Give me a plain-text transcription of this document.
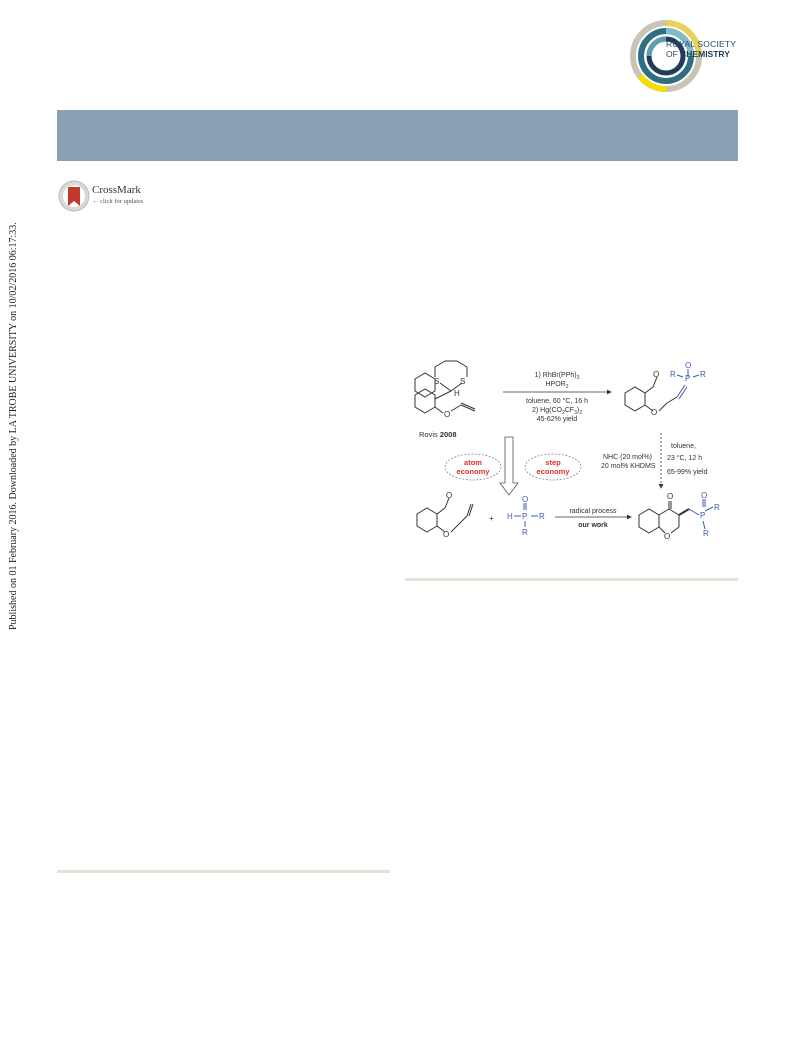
ROYAL SOCIETY
OF CHEMISTRY
CrossMark
← click for updates
Published on 01 February 2016. Downloaded by LA TROBE UNIVERSITY on 10/02/2016 06:17:33.	S	S
H
O
Rovis 2008
1) $RhBr(PPh)_3$
$HPOR_2$
toluene, 60 °C, 16 h
2) $Hg(CO_2CF_3)_2$
45-62% yield
O
O
P
O
R	R
NHC (20 mol%)
20 mol% KHDMS
toluene,
23 °C, 12 h
65-99% yield
atom
economy
step
economy
O
O
+ H P
O
R
R
radical process
our work
O
O
P
O
R
R
